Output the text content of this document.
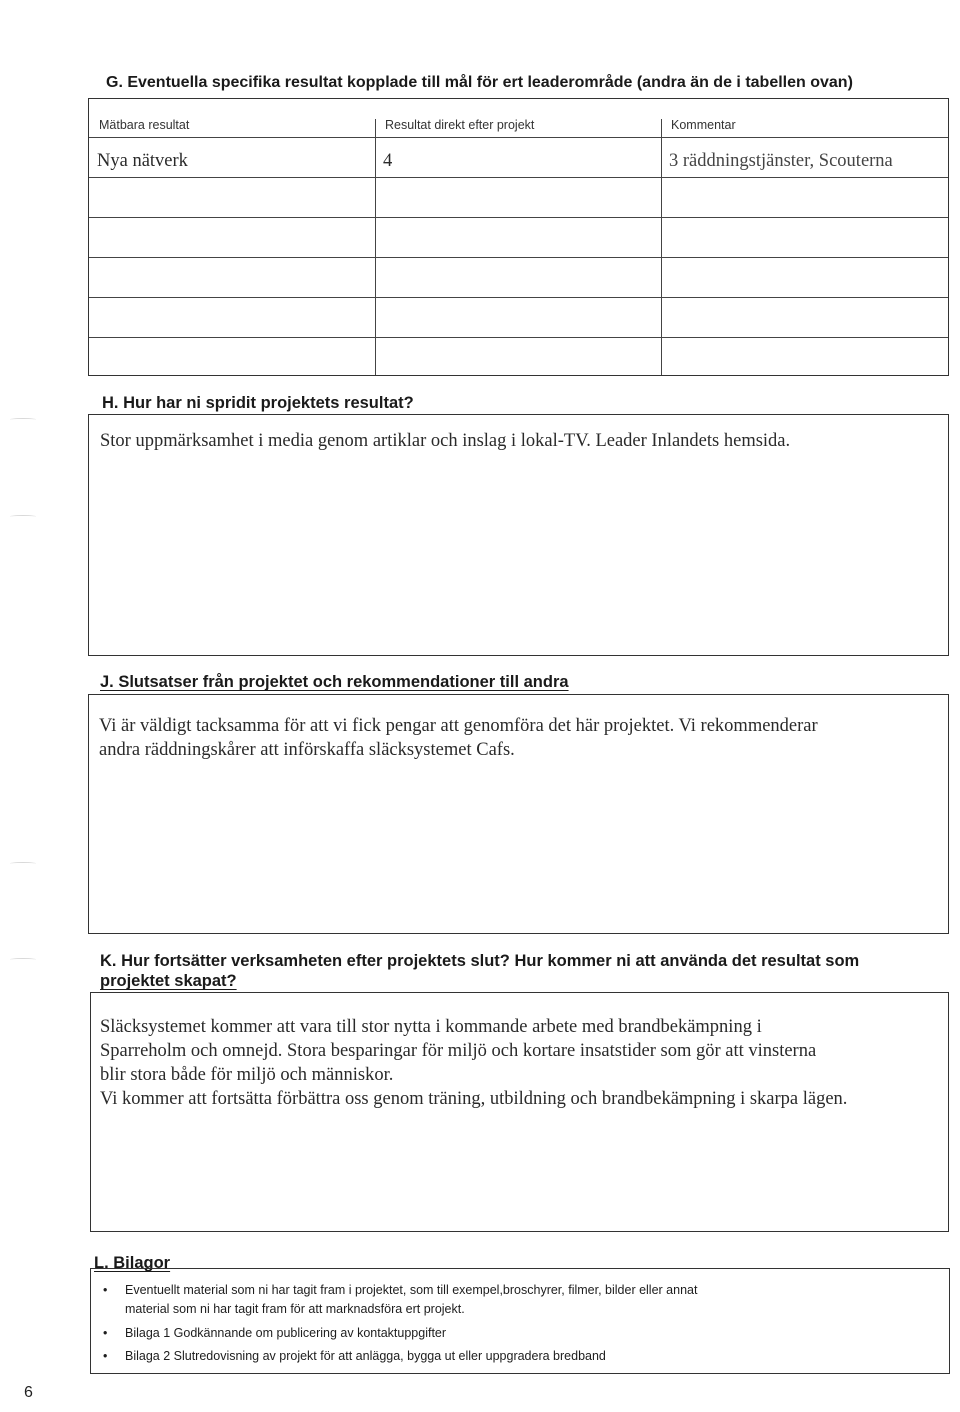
G. Eventuella specifika resultat kopplade till mål för ert leaderområde (andra än de i tabellen ovan)
Mätbara resultat	Resultat direkt efter projekt	Kommentar
Nya nätverk	4	3 räddningstjänster, Scouterna
H. Hur har ni spridit projektets resultat?
Stor uppmärksamhet i media genom artiklar och inslag i lokal-TV. Leader Inlandets hemsida.
J. Slutsatser från projektet och rekommendationer till andra
Vi är väldigt tacksamma för att vi fick pengar att genomföra det här projektet. Vi rekommenderar
andra räddningskårer att införskaffa släcksystemet Cafs.
K. Hur fortsätter verksamheten efter projektets slut? Hur kommer ni att använda det resultat som
projektet skapat?
Släcksystemet kommer att vara till stor nytta i kommande arbete med brandbekämpning i
Sparreholm och omnejd. Stora besparingar för miljö och kortare insatstider som gör att vinsterna
blir stora både för miljö och människor.
Vi kommer att fortsätta förbättra oss genom träning, utbildning och brandbekämpning i skarpa lägen.
L. Bilagor
• Eventuellt material som ni har tagit fram i projektet, som till exempel,broschyrer, filmer, bilder eller annat
material som ni har tagit fram för att marknadsföra ert projekt.
• Bilaga 1 Godkännande om publicering av kontaktuppgifter
• Bilaga 2 Slutredovisning av projekt för att anlägga, bygga ut eller uppgradera bredband
6
